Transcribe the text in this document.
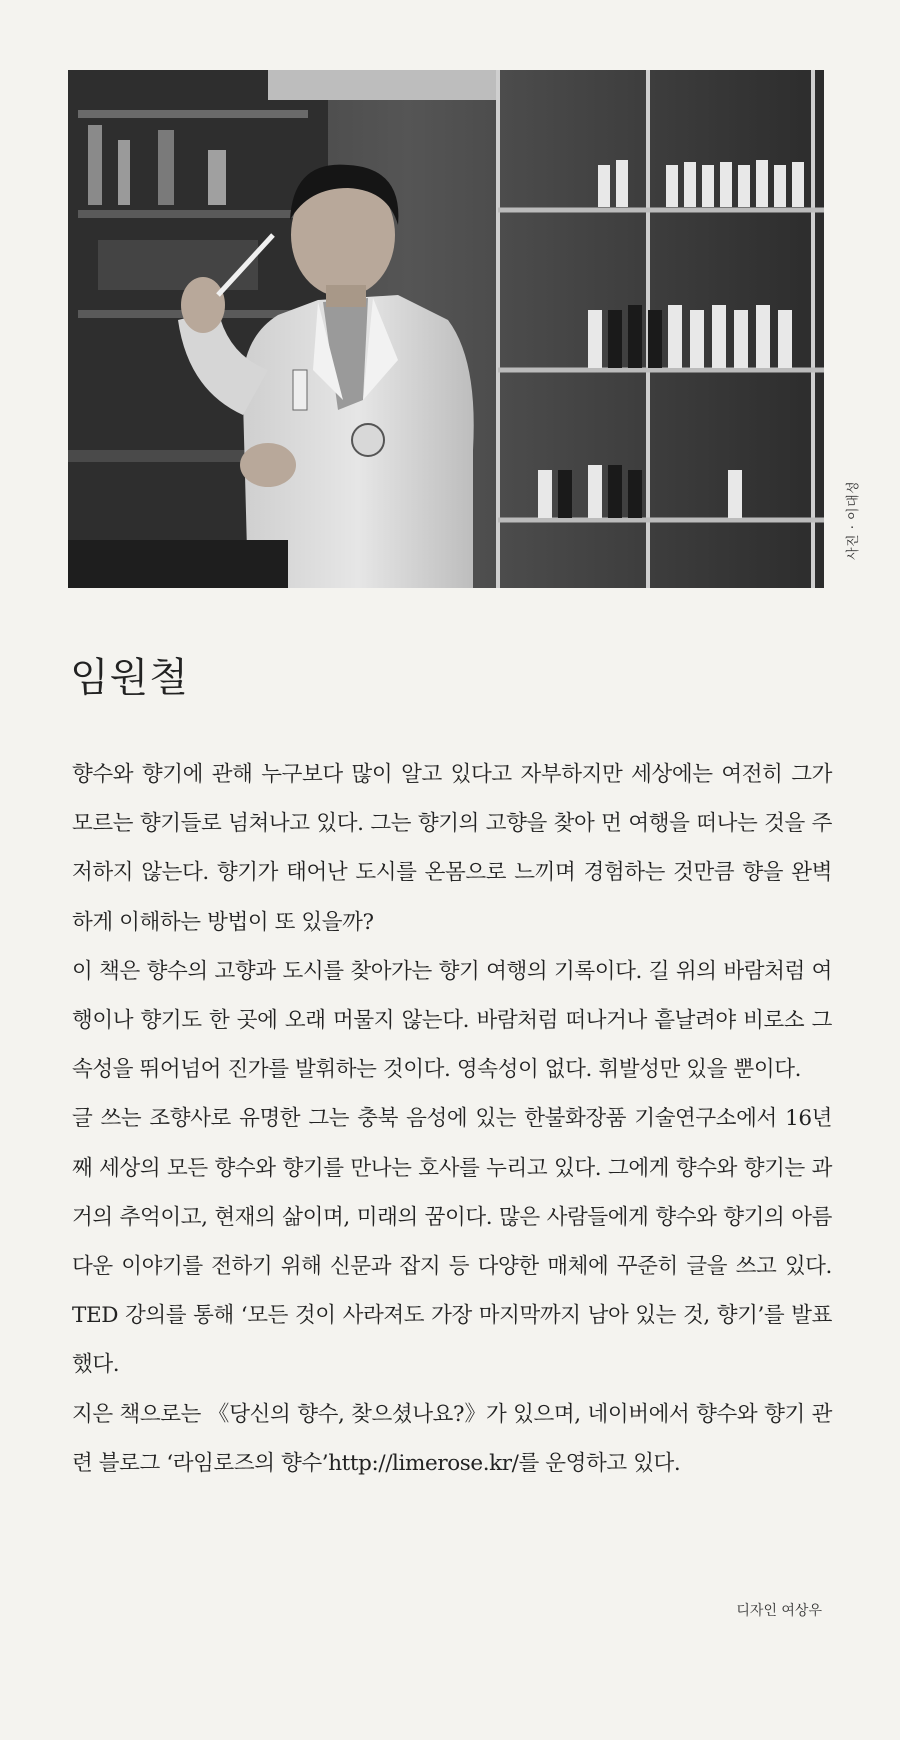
사진 · 이대성
임원철

향수와 향기에 관해 누구보다 많이 알고 있다고 자부하지만 세상에는 여전히 그가 모르는 향기들로 넘쳐나고 있다. 그는 향기의 고향을 찾아 먼 여행을 떠나는 것을 주저하지 않는다. 향기가 태어난 도시를 온몸으로 느끼며 경험하는 것만큼 향을 완벽하게 이해하는 방법이 또 있을까?

이 책은 향수의 고향과 도시를 찾아가는 향기 여행의 기록이다. 길 위의 바람처럼 여행이나 향기도 한 곳에 오래 머물지 않는다. 바람처럼 떠나거나 흩날려야 비로소 그 속성을 뛰어넘어 진가를 발휘하는 것이다. 영속성이 없다. 휘발성만 있을 뿐이다.

글 쓰는 조향사로 유명한 그는 충북 음성에 있는 한불화장품 기술연구소에서 16년째 세상의 모든 향수와 향기를 만나는 호사를 누리고 있다. 그에게 향수와 향기는 과거의 추억이고, 현재의 삶이며, 미래의 꿈이다. 많은 사람들에게 향수와 향기의 아름다운 이야기를 전하기 위해 신문과 잡지 등 다양한 매체에 꾸준히 글을 쓰고 있다. TED 강의를 통해 ‘모든 것이 사라져도 가장 마지막까지 남아 있는 것, 향기’를 발표했다.

지은 책으로는 《당신의 향수, 찾으셨나요?》가 있으며, 네이버에서 향수와 향기 관련 블로그 ‘라임로즈의 향수’http://limerose.kr/를 운영하고 있다.

디자인 여상우
